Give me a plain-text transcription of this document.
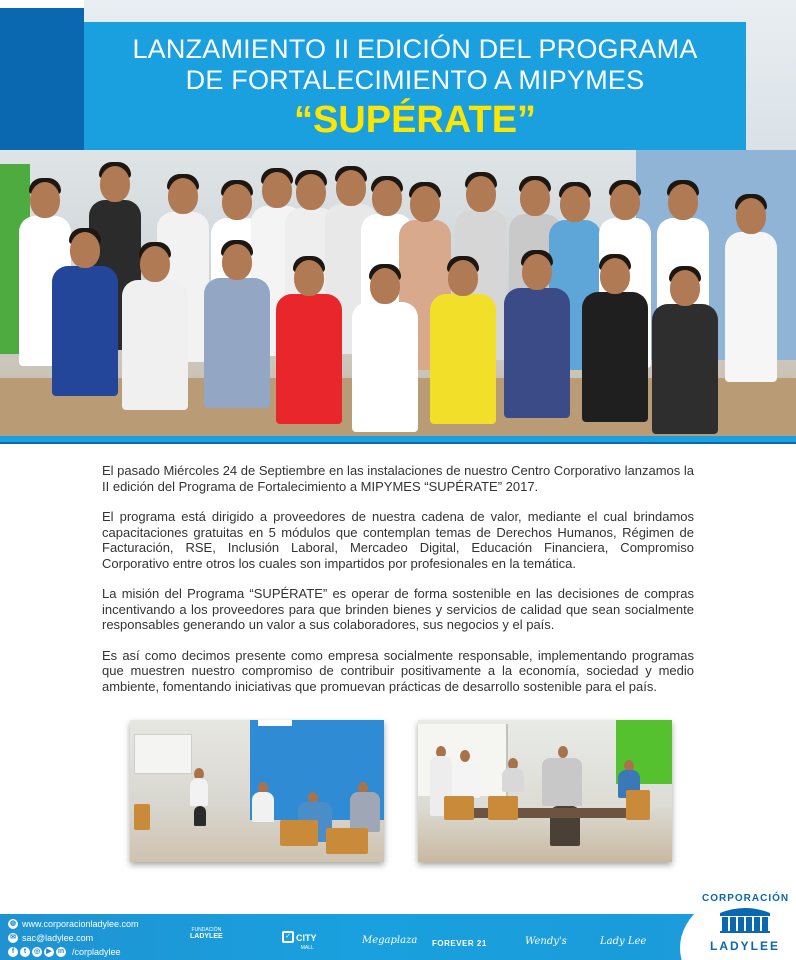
LANZAMIENTO II EDICIÓN DEL PROGRAMA
DE FORTALECIMIENTO A MIPYMES
“SUPÉRATE”

El pasado Miércoles 24 de Septiembre en las instalaciones de nuestro Centro Corporativo lanzamos la II edición del Programa de Fortalecimiento a MIPYMES “SUPÉRATE” 2017.

El programa está dirigido a proveedores de nuestra cadena de valor, mediante el cual brindamos capacitaciones gratuitas en 5 módulos que contemplan temas de Derechos Humanos, Régimen de Facturación, RSE, Inclusión Laboral, Mercadeo Digital, Educación Financiera, Compromiso Corporativo entre otros los cuales son impartidos por profesionales en la temática.

La misión del Programa “SUPÉRATE” es operar de forma sostenible en las decisiones de compras incentivando a los proveedores para que brinden bienes y servicios de calidad que sean socialmente responsables generando un valor a sus colaboradores, sus negocios y el país.

Es así como decimos presente como empresa socialmente responsable, implementando programas que muestren nuestro compromiso de contribuir positivamente a la economía, sociedad y medio ambiente, fomentando iniciativas que promuevan prácticas de desarrollo sostenible para el país.

◍ www.corporacionladylee.com
✉ sac@ladylee.com
f	t	◎ ▶ in /corpladylee
FUNDACIÓN
LADYLEE	✓ CITY
MALL
Megaplaza FOREVER 21	Wendy's	Lady Lee
CORPORACIÓN
LADYLEE
